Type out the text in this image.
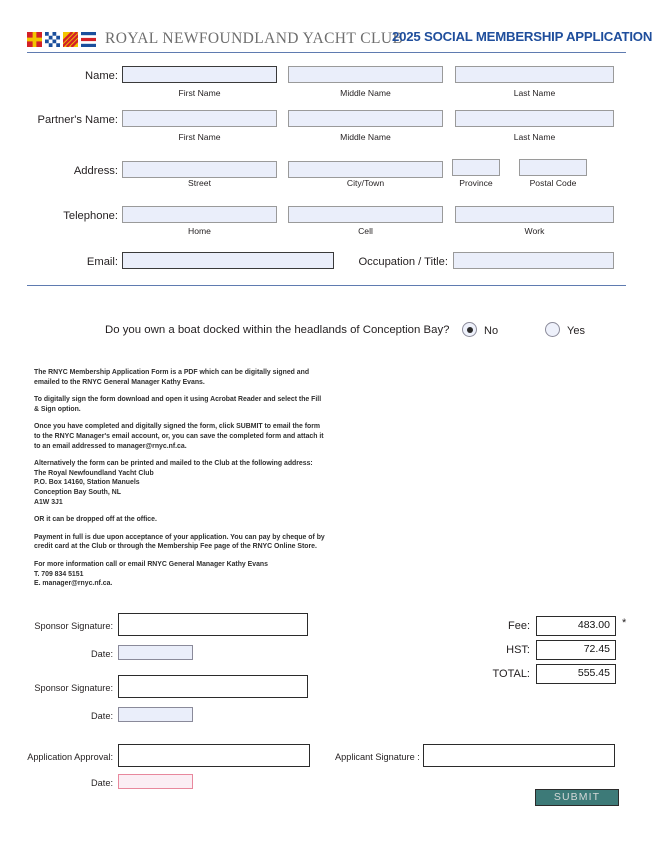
ROYAL NEWFOUNDLAND YACHT CLUB
2025 SOCIAL MEMBERSHIP APPLICATION
Name:
First Name	Middle Name	Last Name
Partner's Name:
First Name	Middle Name	Last Name
Address:
Street	City/Town	Province	Postal Code
Telephone:
Home	Cell	Work
Email:	Occupation / Title:
Do you own a boat docked within the headlands of Conception Bay?	No	Yes

The RNYC Membership Application Form is a PDF which can be digitally signed and emailed to the RNYC General Manager Kathy Evans.

To digitally sign the form download and open it using Acrobat Reader and select the Fill & Sign option.

Once you have completed and digitally signed the form, click SUBMIT to email the form to the RNYC Manager's email account, or, you can save the completed form and attach it to an email addressed to manager@rnyc.nf.ca.

Alternatively the form can be printed and mailed to the Club at the following address:

The Royal Newfoundland Yacht Club

P.O. Box 14160, Station Manuels

Conception Bay South, NL

A1W 3J1

OR it can be dropped off at the office.

Payment in full is due upon acceptance of your application. You can pay by cheque of by credit card at the Club or through the Membership Fee page of the RNYC Online Store.

For more information call or email RNYC General Manager Kathy Evans

T. 709 834 5151

E. manager@rnyc.nf.ca.

Fee:	483.00	*
HST:	72.45
TOTAL:	555.45
Sponsor Signature:
Date:
Sponsor Signature:
Date:
Application Approval:
Date:
Applicant Signature :
SUBMIT
